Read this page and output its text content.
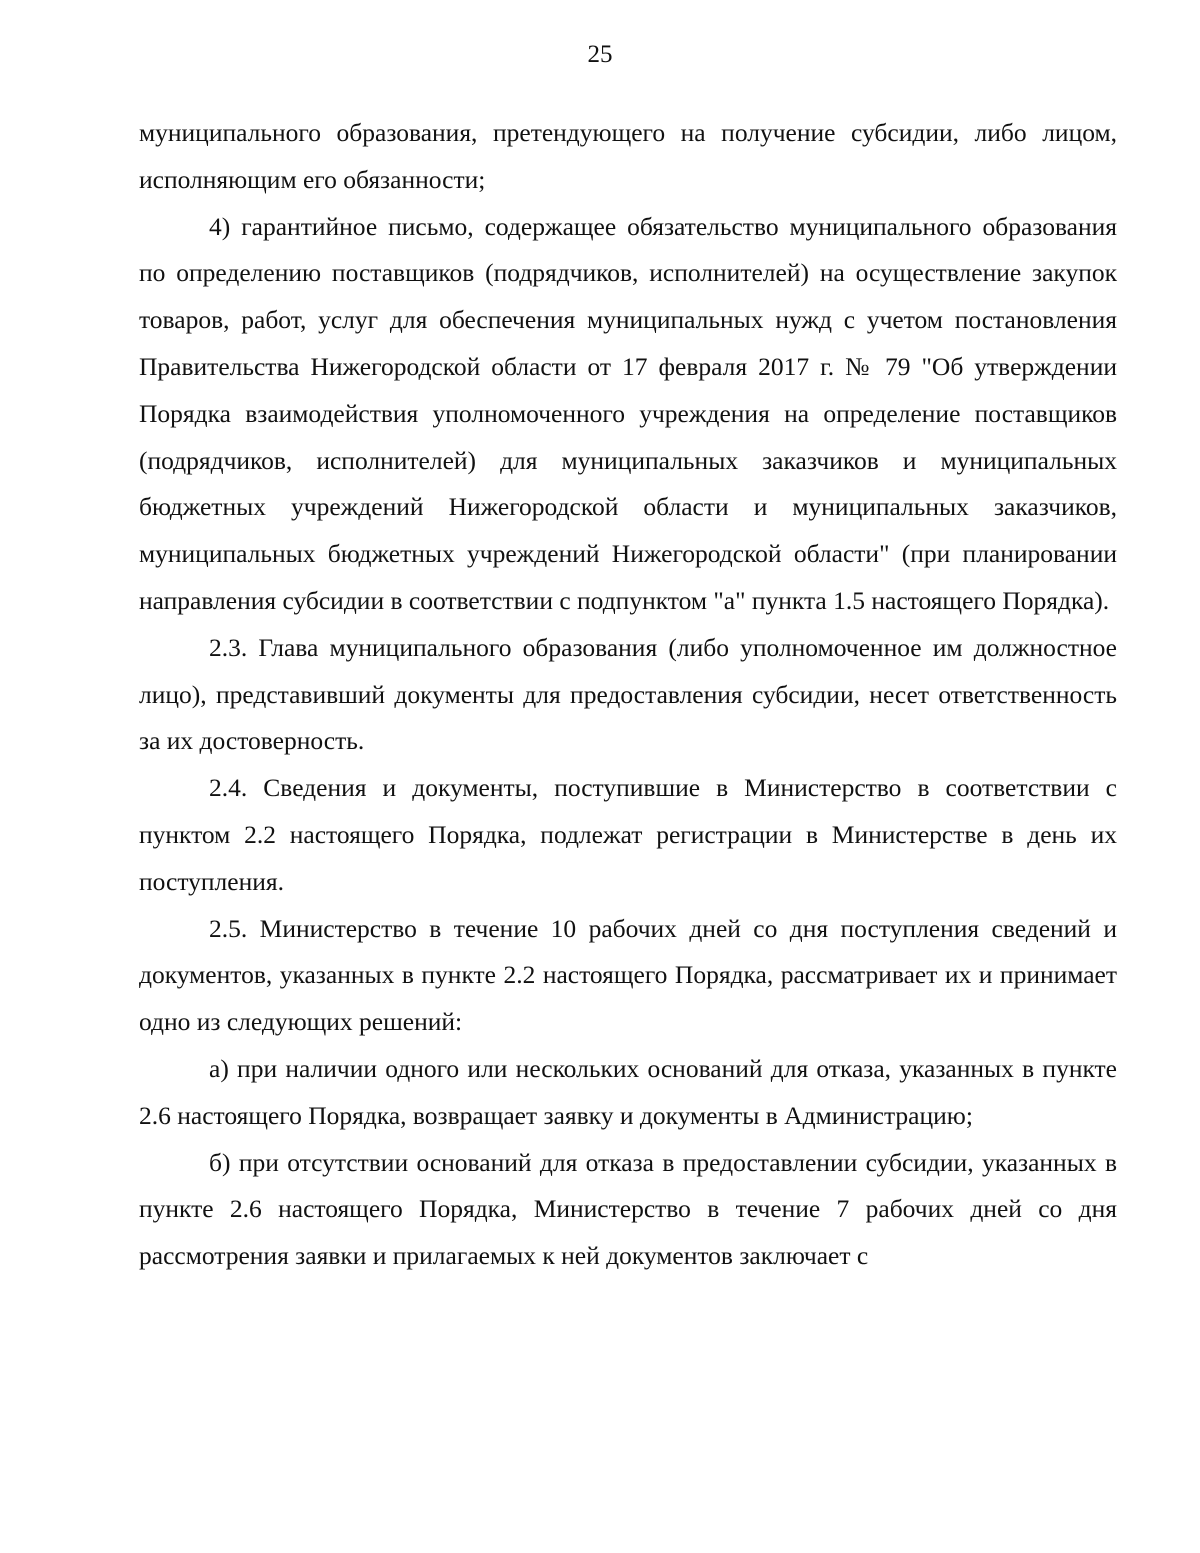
25

муниципального образования, претендующего на получение субсидии, либо лицом, исполняющим его обязанности;

4) гарантийное письмо, содержащее обязательство муниципального образования по определению поставщиков (подрядчиков, исполнителей) на осуществление закупок товаров, работ, услуг для обеспечения муниципальных нужд с учетом постановления Правительства Нижегородской области от 17 февраля 2017 г. № 79 "Об утверждении Порядка взаимодействия уполномоченного учреждения на определение поставщиков (подрядчиков, исполнителей) для муниципальных заказчиков и муниципальных бюджетных учреждений Нижегородской области и муниципальных заказчиков, муниципальных бюджетных учреждений Нижегородской области" (при планировании направления субсидии в соответствии с подпунктом "а" пункта 1.5 настоящего Порядка).

2.3. Глава муниципального образования (либо уполномоченное им должностное лицо), представивший документы для предоставления субсидии, несет ответственность за их достоверность.

2.4. Сведения и документы, поступившие в Министерство в соответствии с пунктом 2.2 настоящего Порядка, подлежат регистрации в Министерстве в день их поступления.

2.5. Министерство в течение 10 рабочих дней со дня поступления сведений и документов, указанных в пункте 2.2 настоящего Порядка, рассматривает их и принимает одно из следующих решений:

а) при наличии одного или нескольких оснований для отказа, указанных в пункте 2.6 настоящего Порядка, возвращает заявку и документы в Администрацию;

б) при отсутствии оснований для отказа в предоставлении субсидии, указанных в пункте 2.6 настоящего Порядка, Министерство в течение 7 рабочих дней со дня рассмотрения заявки и прилагаемых к ней документов заключает с
